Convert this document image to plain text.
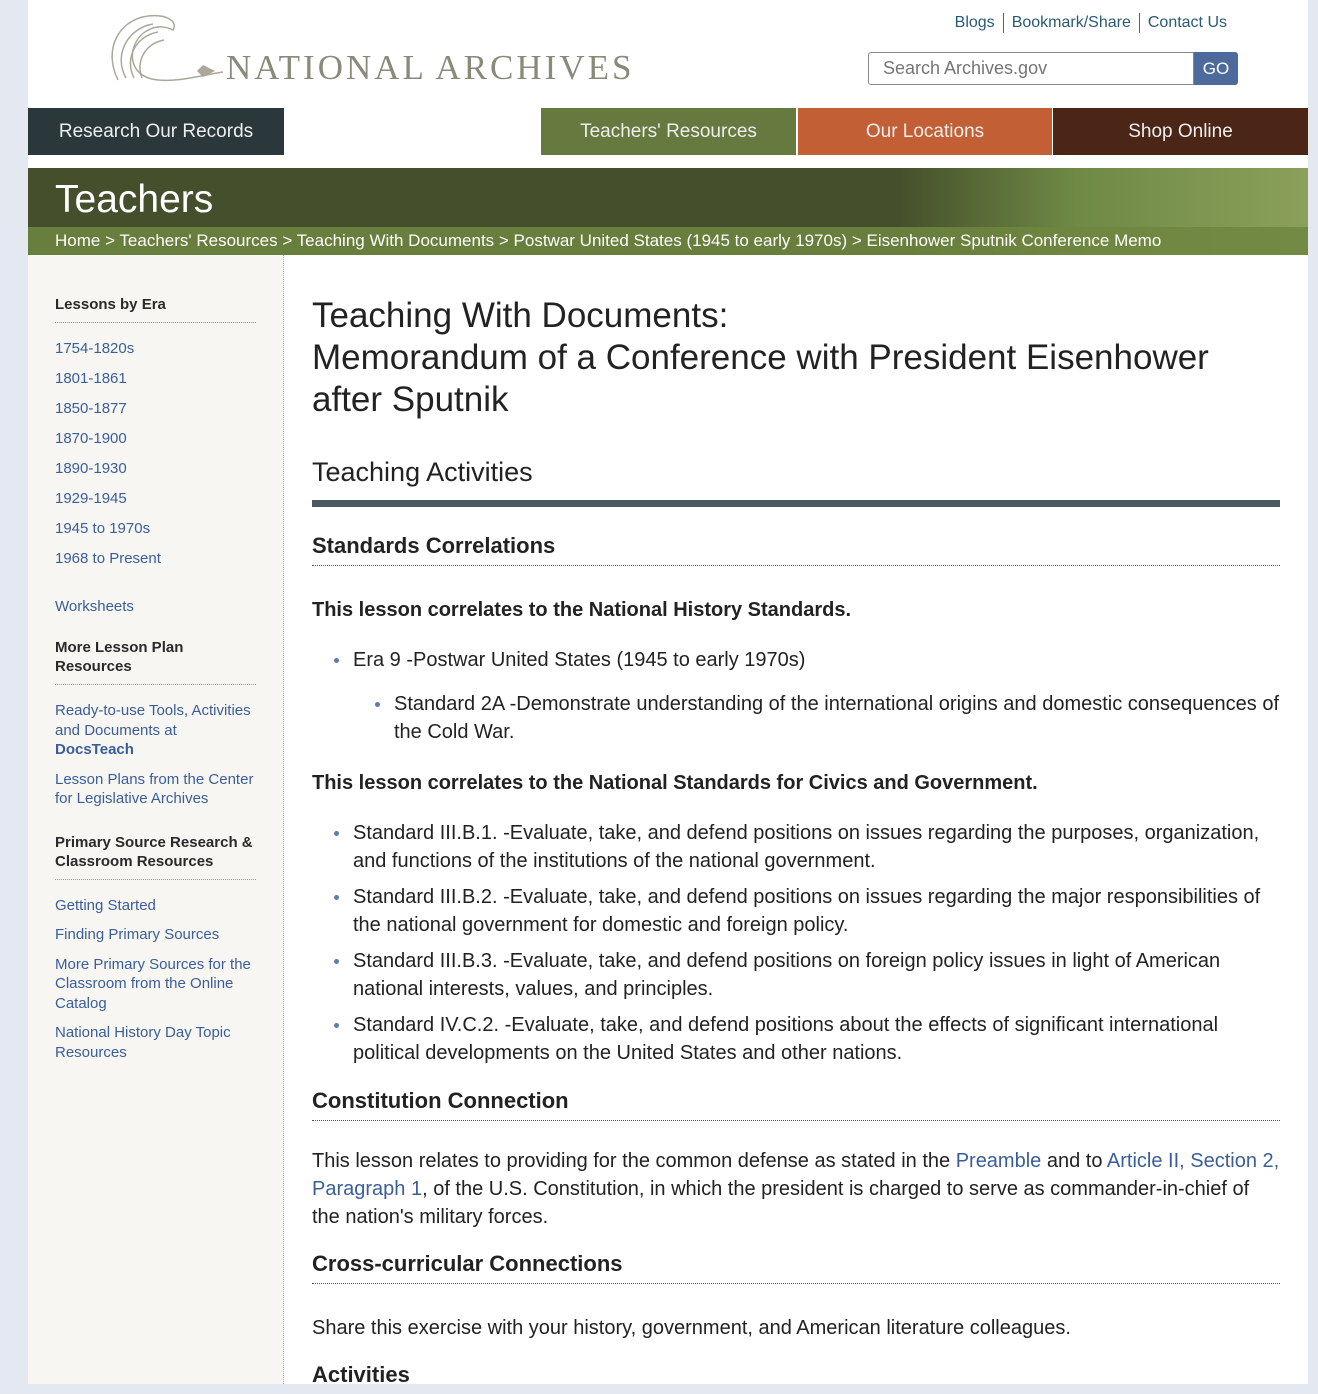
NATIONAL ARCHIVES
Blogs	Bookmark/Share	Contact Us
Search Archives.gov
GO
Research Our Records	Teachers' Resources	Our Locations	Shop Online
Teachers
Home > Teachers' Resources > Teaching With Documents > Postwar United States (1945 to early 1970s) > Eisenhower Sputnik Conference Memo
Lessons by Era
1754-1820s
1801-1861
1850-1877
1870-1900
1890-1930
1929-1945
1945 to 1970s
1968 to Present
Worksheets
More Lesson Plan Resources
Ready-to-use Tools, Activities and Documents at DocsTeach
Lesson Plans from the Center for Legislative Archives
Primary Source Research & Classroom Resources
Getting Started
Finding Primary Sources
More Primary Sources for the Classroom from the Online Catalog
National History Day Topic Resources
Teaching With Documents:
Memorandum of a Conference with President Eisenhower after Sputnik
Teaching Activities
Standards Correlations

This lesson correlates to the National History Standards.

Era 9 -Postwar United States (1945 to early 1970s)
Standard 2A -Demonstrate understanding of the international origins and domestic consequences of the Cold War.

This lesson correlates to the National Standards for Civics and Government.

Standard III.B.1. -Evaluate, take, and defend positions on issues regarding the purposes, organization, and functions of the institutions of the national government.
Standard III.B.2. -Evaluate, take, and defend positions on issues regarding the major responsibilities of the national government for domestic and foreign policy.
Standard III.B.3. -Evaluate, take, and defend positions on foreign policy issues in light of American national interests, values, and principles.
Standard IV.C.2. -Evaluate, take, and defend positions about the effects of significant international political developments on the United States and other nations.
Constitution Connection

This lesson relates to providing for the common defense as stated in the Preamble and to Article II, Section 2, Paragraph 1, of the U.S. Constitution, in which the president is charged to serve as commander-in-chief of the nation's military forces.

Cross-curricular Connections

Share this exercise with your history, government, and American literature colleagues.

Activities
